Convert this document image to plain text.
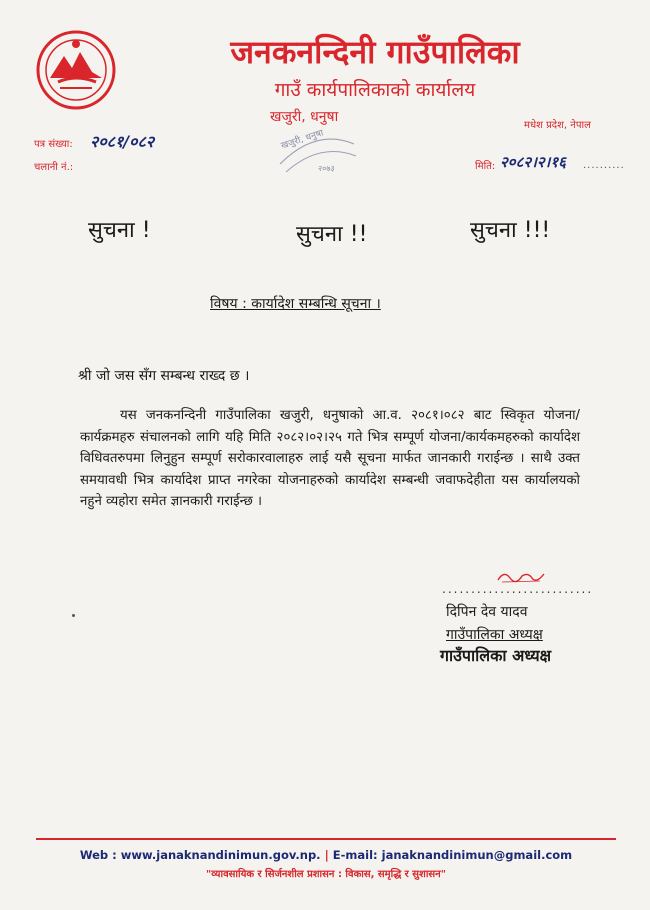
जनकनन्दिनी गाउँपालिका
गाउँ कार्यपालिकाको कार्यालय
खजुरी, धनुषा
मधेश प्रदेश, नेपाल
खजुरी, धनुषा
२०७३
पत्र संख्या: २०८१/०८२
चलानी नं.:	मिति: २०८२।२।१६ ..........
सुचना !	सुचना !!	सुचना !!!
विषय : कार्यादेश सम्बन्धि सूचना ।
श्री जो जस सँग सम्बन्ध राख्द छ ।
यस जनकनन्दिनी गाउँपालिका खजुरी, धनुषाको आ.व. २०८१।०८२ बाट स्विकृत योजना/कार्यक्रमहरु संचालनको लागि यहि मिति २०८२।०२।२५ गते भित्र सम्पूर्ण योजना/कार्यकमहरुको कार्यादेश विधिवतरुपमा लिनुहुन सम्पूर्ण सरोकारवालाहरु लाई यसै सूचना मार्फत जानकारी गराईन्छ । साथै उक्त समयावधी भित्र कार्यादेश प्राप्त नगरेका योजनाहरुको कार्यादेश सम्बन्धी जवाफदेहीता यस कार्यालयको नहुने व्यहोरा समेत ज्ञानकारी गराईन्छ ।
..........................
दिपिन देव यादव
गाउँपालिका अध्यक्ष
गाउँपालिका अध्यक्ष
Web : www.janaknandinimun.gov.np. | E-mail: janaknandinimun@gmail.com
"व्यावसायिक र सिर्जनशील प्रशासन : विकास, समृद्धि र सुशासन"
